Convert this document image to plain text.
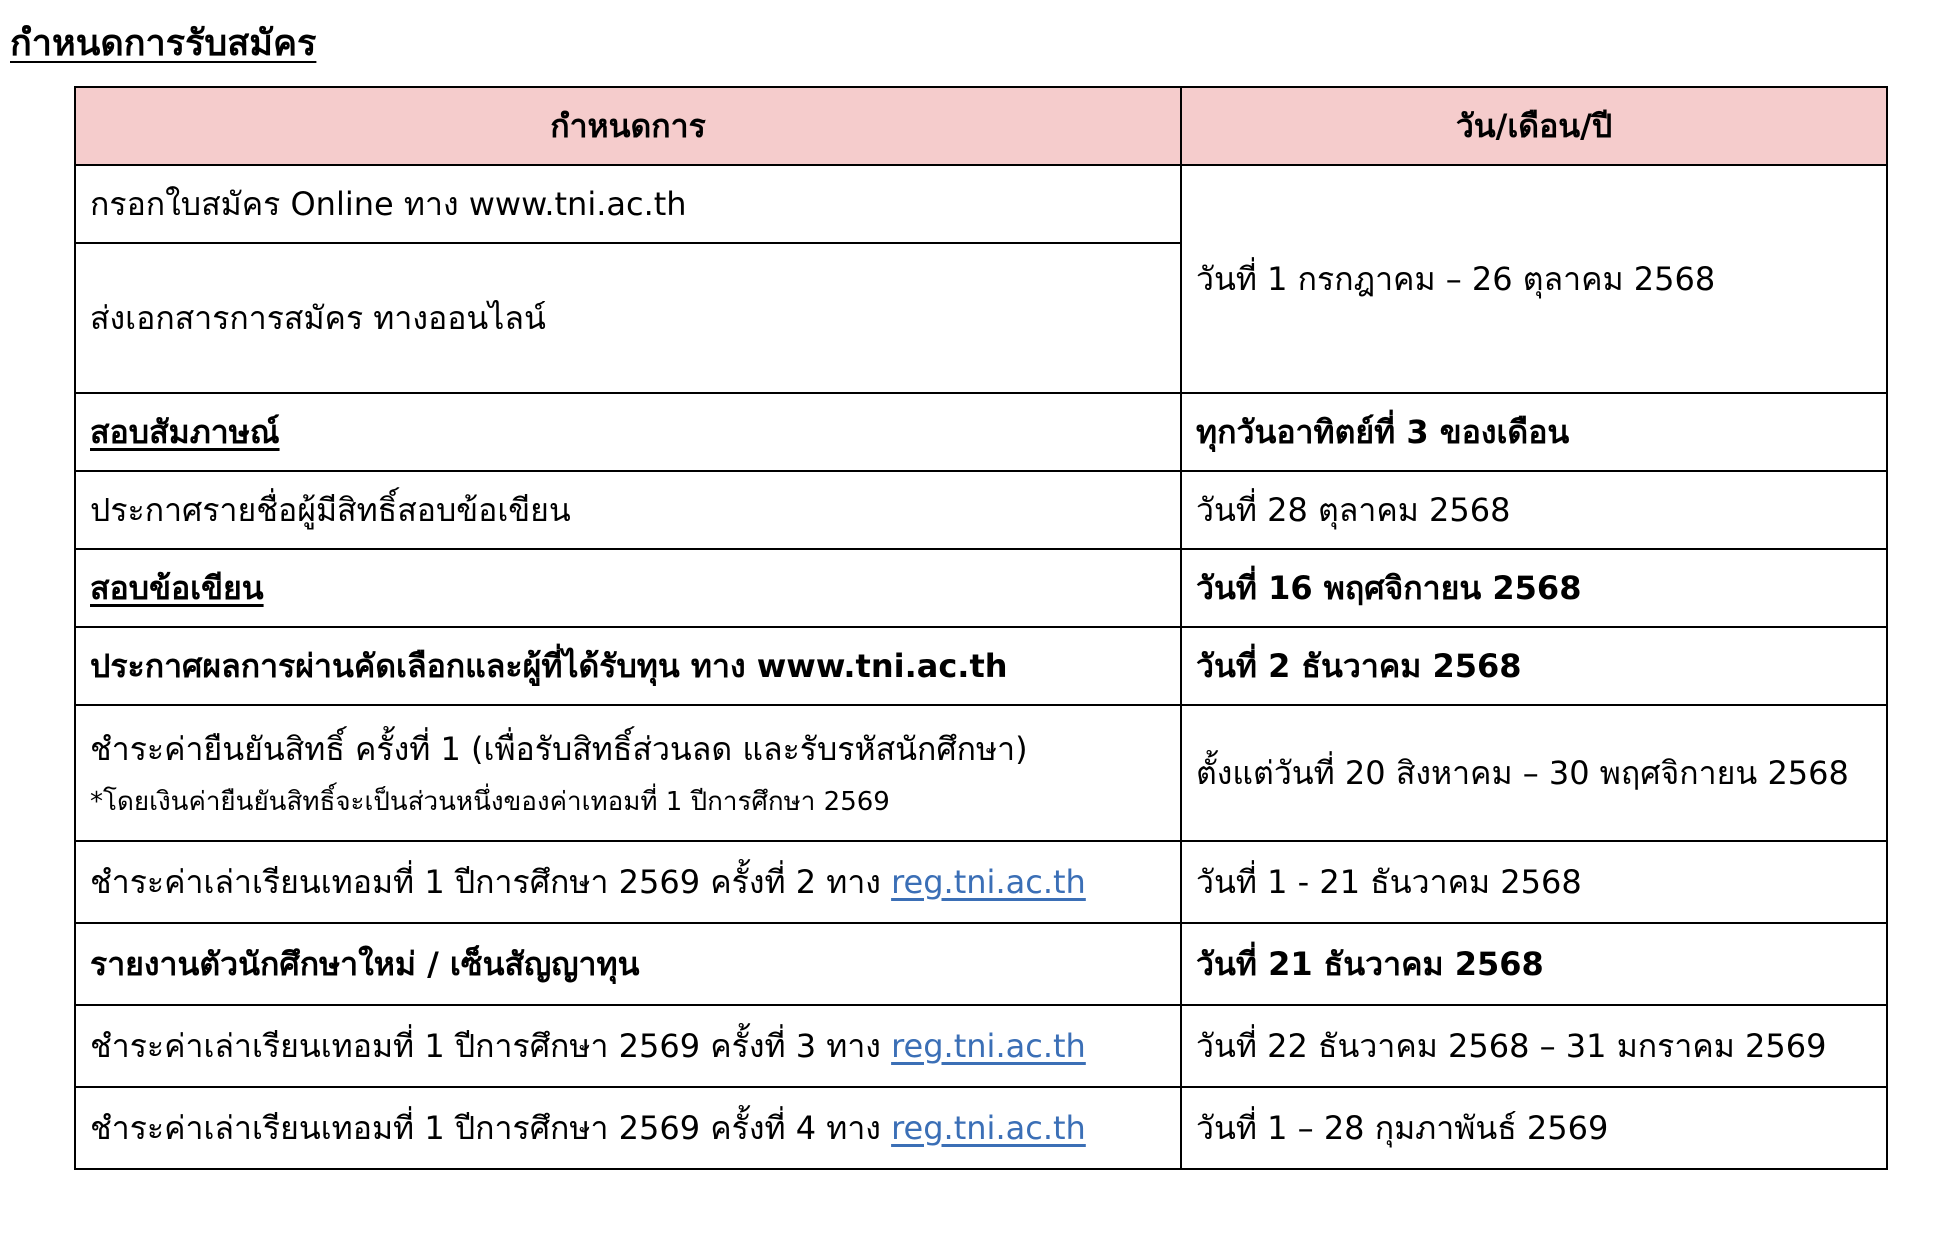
กำหนดการรับสมัคร
กำหนดการ	วัน/เดือน/ปี
กรอกใบสมัคร Online ทาง www.tni.ac.th	วันที่ 1 กรกฎาคม – 26 ตุลาคม 2568
ส่งเอกสารการสมัคร ทางออนไลน์	
สอบสัมภาษณ์	ทุกวันอาทิตย์ที่ 3 ของเดือน
ประกาศรายชื่อผู้มีสิทธิ์สอบข้อเขียน	วันที่ 28 ตุลาคม 2568
สอบข้อเขียน	วันที่ 16 พฤศจิกายน 2568
ประกาศผลการผ่านคัดเลือกและผู้ที่ได้รับทุน ทาง www.tni.ac.th	วันที่ 2 ธันวาคม 2568
ชำระค่ายืนยันสิทธิ์ ครั้งที่ 1 (เพื่อรับสิทธิ์ส่วนลด และรับรหัสนักศึกษา)
*โดยเงินค่ายืนยันสิทธิ์จะเป็นส่วนหนึ่งของค่าเทอมที่ 1 ปีการศึกษา 2569	ตั้งแต่วันที่ 20 สิงหาคม – 30 พฤศจิกายน 2568
ชำระค่าเล่าเรียนเทอมที่ 1 ปีการศึกษา 2569 ครั้งที่ 2 ทาง reg.tni.ac.th	วันที่ 1 - 21 ธันวาคม 2568
รายงานตัวนักศึกษาใหม่ / เซ็นสัญญาทุน	วันที่ 21 ธันวาคม 2568
ชำระค่าเล่าเรียนเทอมที่ 1 ปีการศึกษา 2569 ครั้งที่ 3 ทาง reg.tni.ac.th	วันที่ 22 ธันวาคม 2568 – 31 มกราคม 2569
ชำระค่าเล่าเรียนเทอมที่ 1 ปีการศึกษา 2569 ครั้งที่ 4 ทาง reg.tni.ac.th	วันที่ 1 – 28 กุมภาพันธ์ 2569
